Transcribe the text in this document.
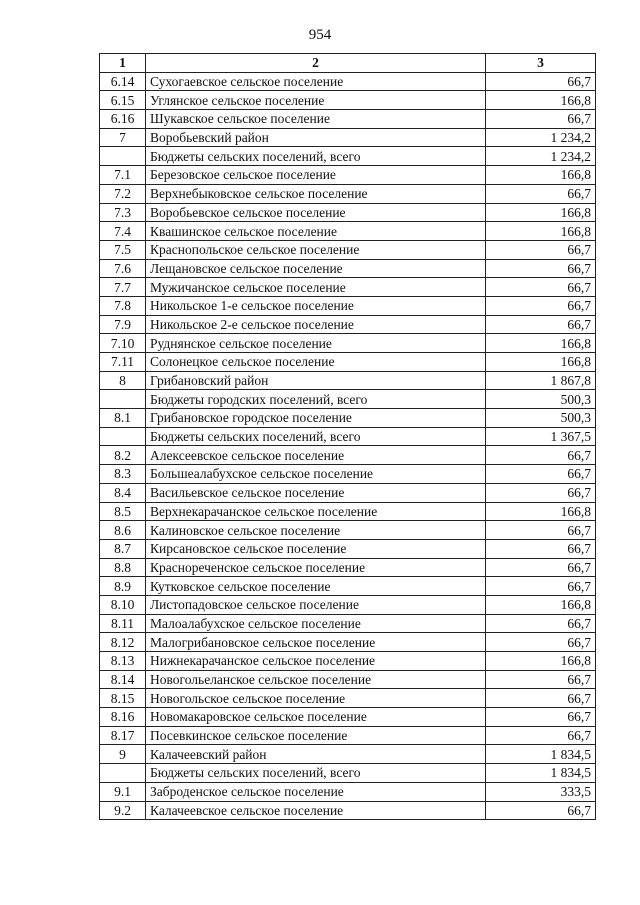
954
1	2	3
6.14	Сухогаевское сельское поселение	66,7
6.15	Углянское сельское поселение	166,8
6.16	Шукавское сельское поселение	66,7
7	Воробьевский район	1 234,2
	Бюджеты сельских поселений, всего	1 234,2
7.1	Березовское сельское поселение	166,8
7.2	Верхнебыковское сельское поселение	66,7
7.3	Воробьевское сельское поселение	166,8
7.4	Квашинское сельское поселение	166,8
7.5	Краснопольское сельское поселение	66,7
7.6	Лещановское сельское поселение	66,7
7.7	Мужичанское сельское поселение	66,7
7.8	Никольское 1-е сельское поселение	66,7
7.9	Никольское 2-е сельское поселение	66,7
7.10	Руднянское сельское поселение	166,8
7.11	Солонецкое сельское поселение	166,8
8	Грибановский район	1 867,8
	Бюджеты городских поселений, всего	500,3
8.1	Грибановское городское поселение	500,3
	Бюджеты сельских поселений, всего	1 367,5
8.2	Алексеевское сельское поселение	66,7
8.3	Большеалабухское сельское поселение	66,7
8.4	Васильевское сельское поселение	66,7
8.5	Верхнекарачанское сельское поселение	166,8
8.6	Калиновское сельское поселение	66,7
8.7	Кирсановское сельское поселение	66,7
8.8	Краснореченское сельское поселение	66,7
8.9	Кутковское сельское поселение	66,7
8.10	Листопадовское сельское поселение	166,8
8.11	Малоалабухское сельское поселение	66,7
8.12	Малогрибановское сельское поселение	66,7
8.13	Нижнекарачанское сельское поселение	166,8
8.14	Новогольеланское сельское поселение	66,7
8.15	Новогольское сельское поселение	66,7
8.16	Новомакаровское сельское поселение	66,7
8.17	Посевкинское сельское поселение	66,7
9	Калачеевский район	1 834,5
	Бюджеты сельских поселений, всего	1 834,5
9.1	Заброденское сельское поселение	333,5
9.2	Калачеевское сельское поселение	66,7
